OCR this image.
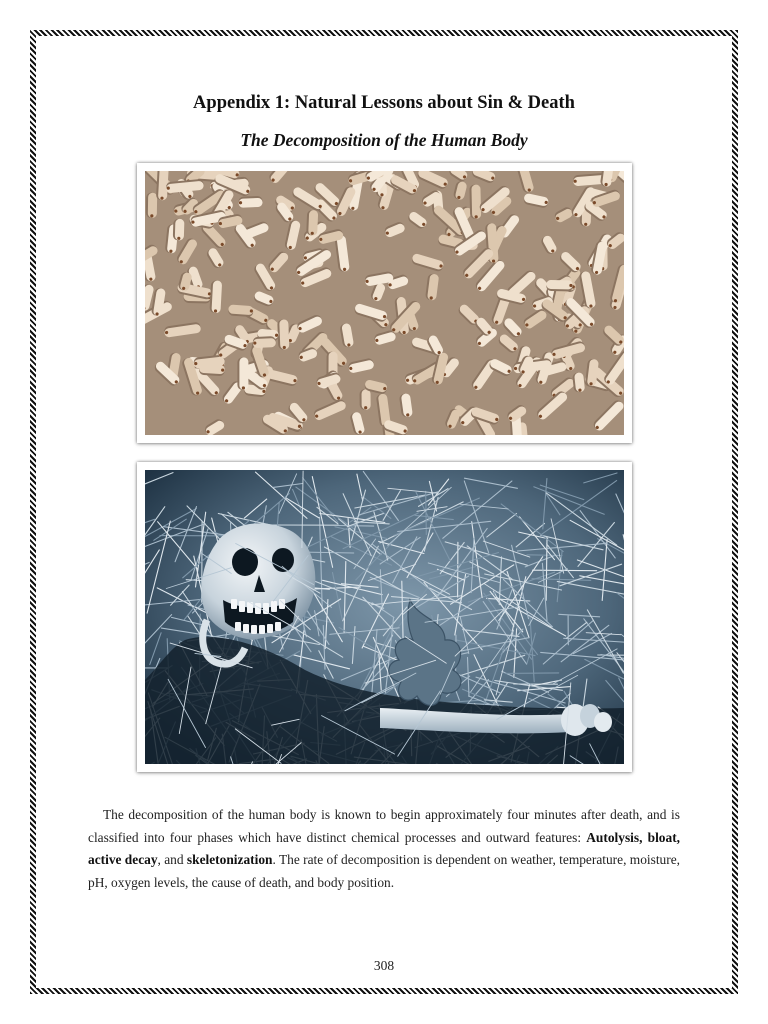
Appendix 1: Natural Lessons about Sin & Death
The Decomposition of the Human Body
The decomposition of the human body is known to begin approximately four minutes after death, and is classified into four phases which have distinct chemical processes and outward features: Autolysis, bloat, active decay, and skeletonization. The rate of decomposition is dependent on weather, temperature, moisture, pH, oxygen levels, the cause of death, and body position.
308
